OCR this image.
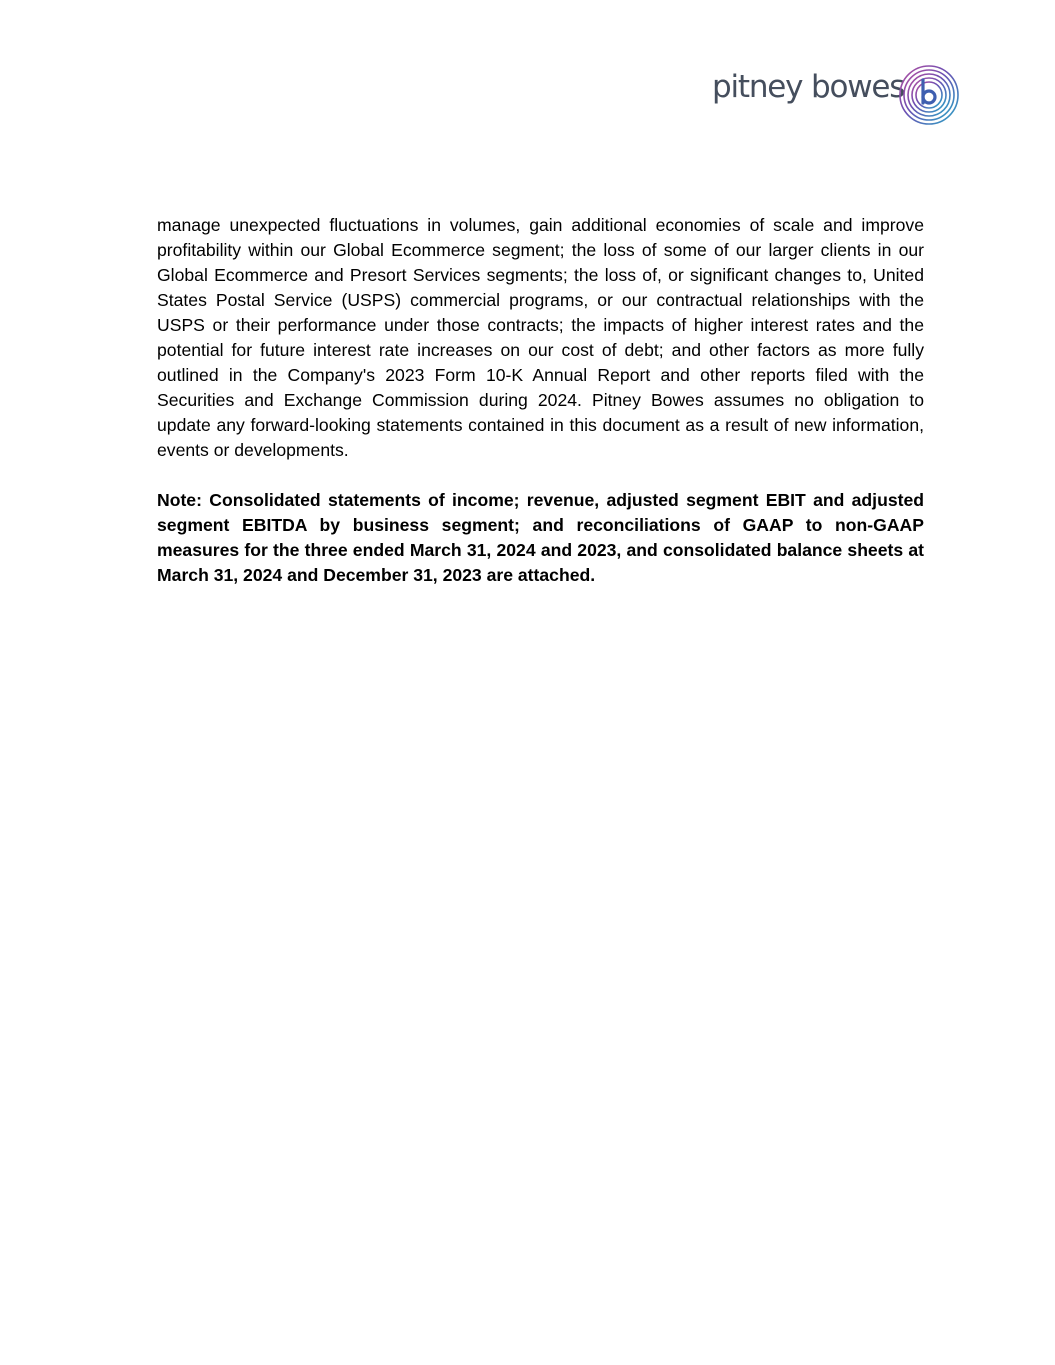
pitney bowes

manage unexpected fluctuations in volumes, gain additional economies of scale and improve profitability within our Global Ecommerce segment; the loss of some of our larger clients in our Global Ecommerce and Presort Services segments; the loss of, or significant changes to, United States Postal Service (USPS) commercial programs, or our contractual relationships with the USPS or their performance under those contracts; the impacts of higher interest rates and the potential for future interest rate increases on our cost of debt; and other factors as more fully outlined in the Company's 2023 Form 10-K Annual Report and other reports filed with the Securities and Exchange Commission during 2024. Pitney Bowes assumes no obligation to update any forward-looking statements contained in this document as a result of new information, events or developments.

Note: Consolidated statements of income; revenue, adjusted segment EBIT and adjusted segment EBITDA by business segment; and reconciliations of GAAP to non-GAAP measures for the three ended March 31, 2024 and 2023, and consolidated balance sheets at March 31, 2024 and December 31, 2023 are attached.
